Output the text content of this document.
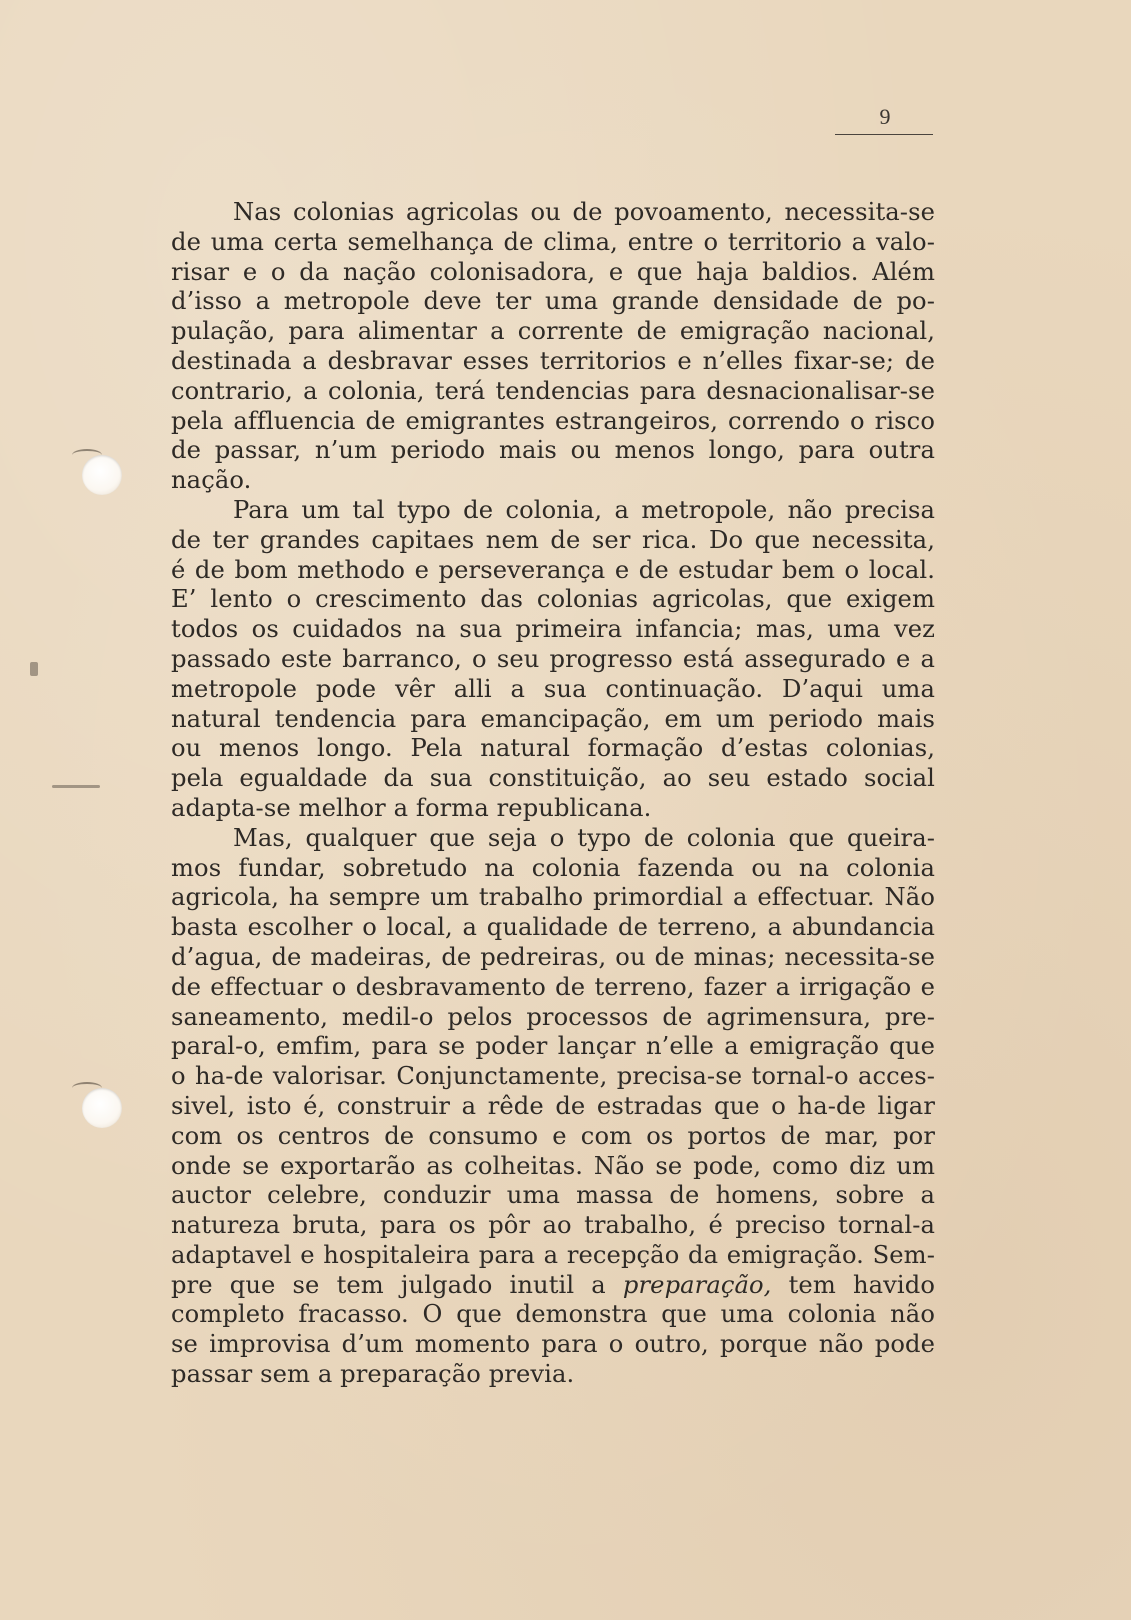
9
Nas colonias agricolas ou de povoamento, necessita-se
de uma certa semelhança de clima, entre o territorio a valo-
risar e o da nação colonisadora, e que haja baldios. Além
d’isso a metropole deve ter uma grande densidade de po-
pulação, para alimentar a corrente de emigração nacional,
destinada a desbravar esses territorios e n’elles fixar-se; de
contrario, a colonia, terá tendencias para desnacionalisar-se
pela affluencia de emigrantes estrangeiros, correndo o risco
de passar, n’um periodo mais ou menos longo, para outra
nação.
Para um tal typo de colonia, a metropole, não precisa
de ter grandes capitaes nem de ser rica. Do que necessita,
é de bom methodo e perseverança e de estudar bem o local.
E’ lento o crescimento das colonias agricolas, que exigem
todos os cuidados na sua primeira infancia; mas, uma vez
passado este barranco, o seu progresso está assegurado e a
metropole pode vêr alli a sua continuação. D’aqui uma
natural tendencia para emancipação, em um periodo mais
ou menos longo. Pela natural formação d’estas colonias,
pela egualdade da sua constituição, ao seu estado social
adapta-se melhor a forma republicana.
Mas, qualquer que seja o typo de colonia que queira-
mos fundar, sobretudo na colonia fazenda ou na colonia
agricola, ha sempre um trabalho primordial a effectuar. Não
basta escolher o local, a qualidade de terreno, a abundancia
d’agua, de madeiras, de pedreiras, ou de minas; necessita-se
de effectuar o desbravamento de terreno, fazer a irrigação e
saneamento, medil-o pelos processos de agrimensura, pre-
paral-o, emfim, para se poder lançar n’elle a emigração que
o ha-de valorisar. Conjunctamente, precisa-se tornal-o acces-
sivel, isto é, construir a rêde de estradas que o ha-de ligar
com os centros de consumo e com os portos de mar, por
onde se exportarão as colheitas. Não se pode, como diz um
auctor celebre, conduzir uma massa de homens, sobre a
natureza bruta, para os pôr ao trabalho, é preciso tornal-a
adaptavel e hospitaleira para a recepção da emigração. Sem-
pre que se tem julgado inutil a preparação, tem havido
completo fracasso. O que demonstra que uma colonia não
se improvisa d’um momento para o outro, porque não pode
passar sem a preparação previa.
